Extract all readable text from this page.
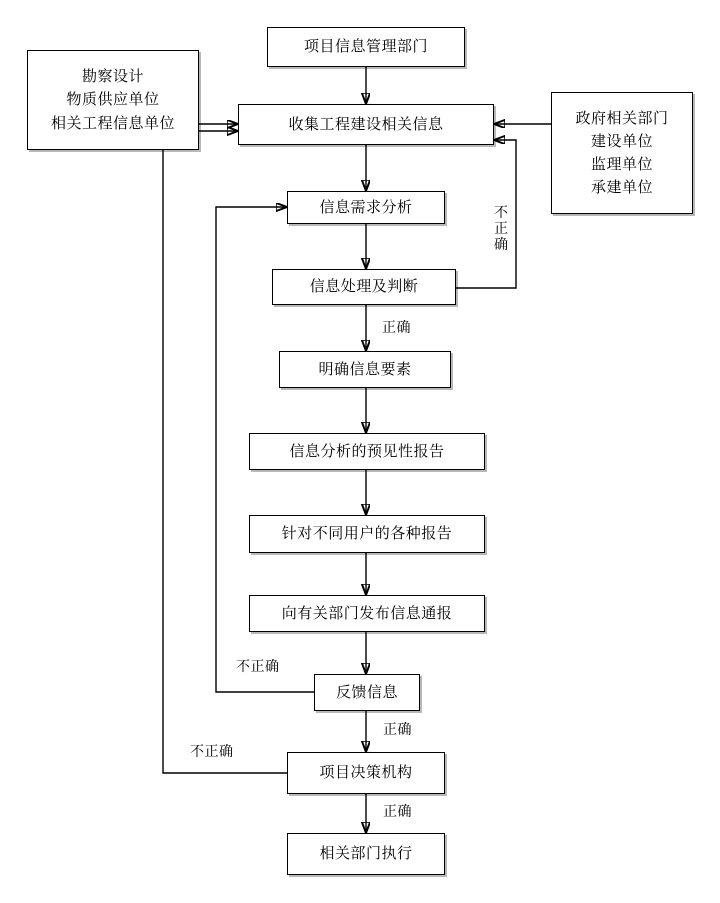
项目信息管理部门
勘察设计
物质供应单位
相关工程信息单位	政府相关部门
建设单位
监理单位
承建单位
收集工程建设相关信息
信息需求分析
信息处理及判断
明确信息要素
信息分析的预见性报告
针对不同用户的各种报告
向有关部门发布信息通报
反馈信息
项目决策机构
相关部门执行
不正确
正确
不正确
正确
不正确
正确
